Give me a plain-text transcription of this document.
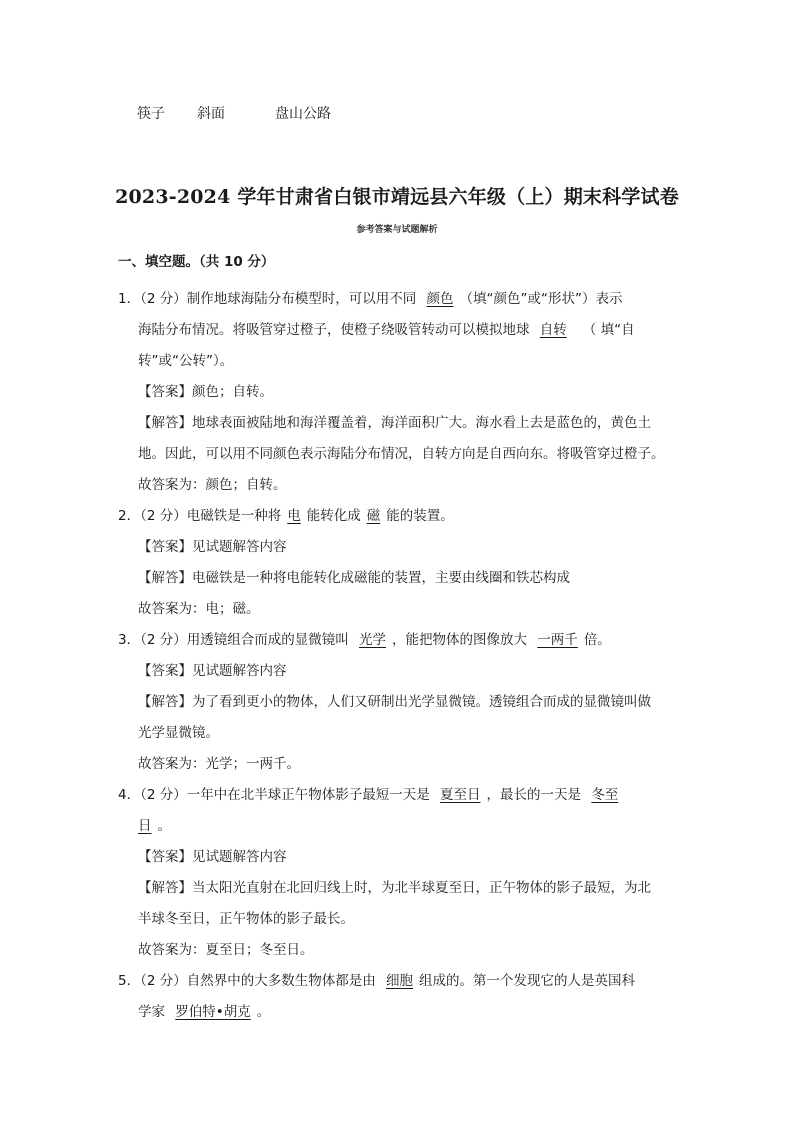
筷子 斜面	盘山公路
2023-2024 学年甘肃省白银市靖远县六年级（上）期末科学试卷
参考答案与试题解析
一、填空题。（共 10 分）
1．（2 分）制作地球海陆分布模型时，可以用不同 颜色 （填“颜色”或“形状”）表示
海陆分布情况。将吸管穿过橙子，使橙子绕吸管转动可以模拟地球 自转 （ 填“自
转”或“公转”）。
【答案】颜色；自转。
【解答】地球表面被陆地和海洋覆盖着，海洋面积广大。海水看上去是蓝色的，黄色土
地。因此，可以用不同颜色表示海陆分布情况，自转方向是自西向东。将吸管穿过橙子。
故答案为：颜色；自转。
2．（2 分）电磁铁是一种将 电 能转化成 磁 能的装置。
【答案】见试题解答内容
【解答】电磁铁是一种将电能转化成磁能的装置，主要由线圈和铁芯构成
故答案为：电；磁。
3．（2 分）用透镜组合而成的显微镜叫 光学 ，能把物体的图像放大 一两千 倍。
【答案】见试题解答内容
【解答】为了看到更小的物体，人们又研制出光学显微镜。透镜组合而成的显微镜叫做
光学显微镜。
故答案为：光学；一两千。
4．（2 分）一年中在北半球正午物体影子最短一天是 夏至日 ，最长的一天是 冬至
日 。
【答案】见试题解答内容
【解答】当太阳光直射在北回归线上时，为北半球夏至日，正午物体的影子最短，为北
半球冬至日，正午物体的影子最长。
故答案为：夏至日；冬至日。
5．（2 分）自然界中的大多数生物体都是由 细胞 组成的。第一个发现它的人是英国科
学家 罗伯特•胡克 。
